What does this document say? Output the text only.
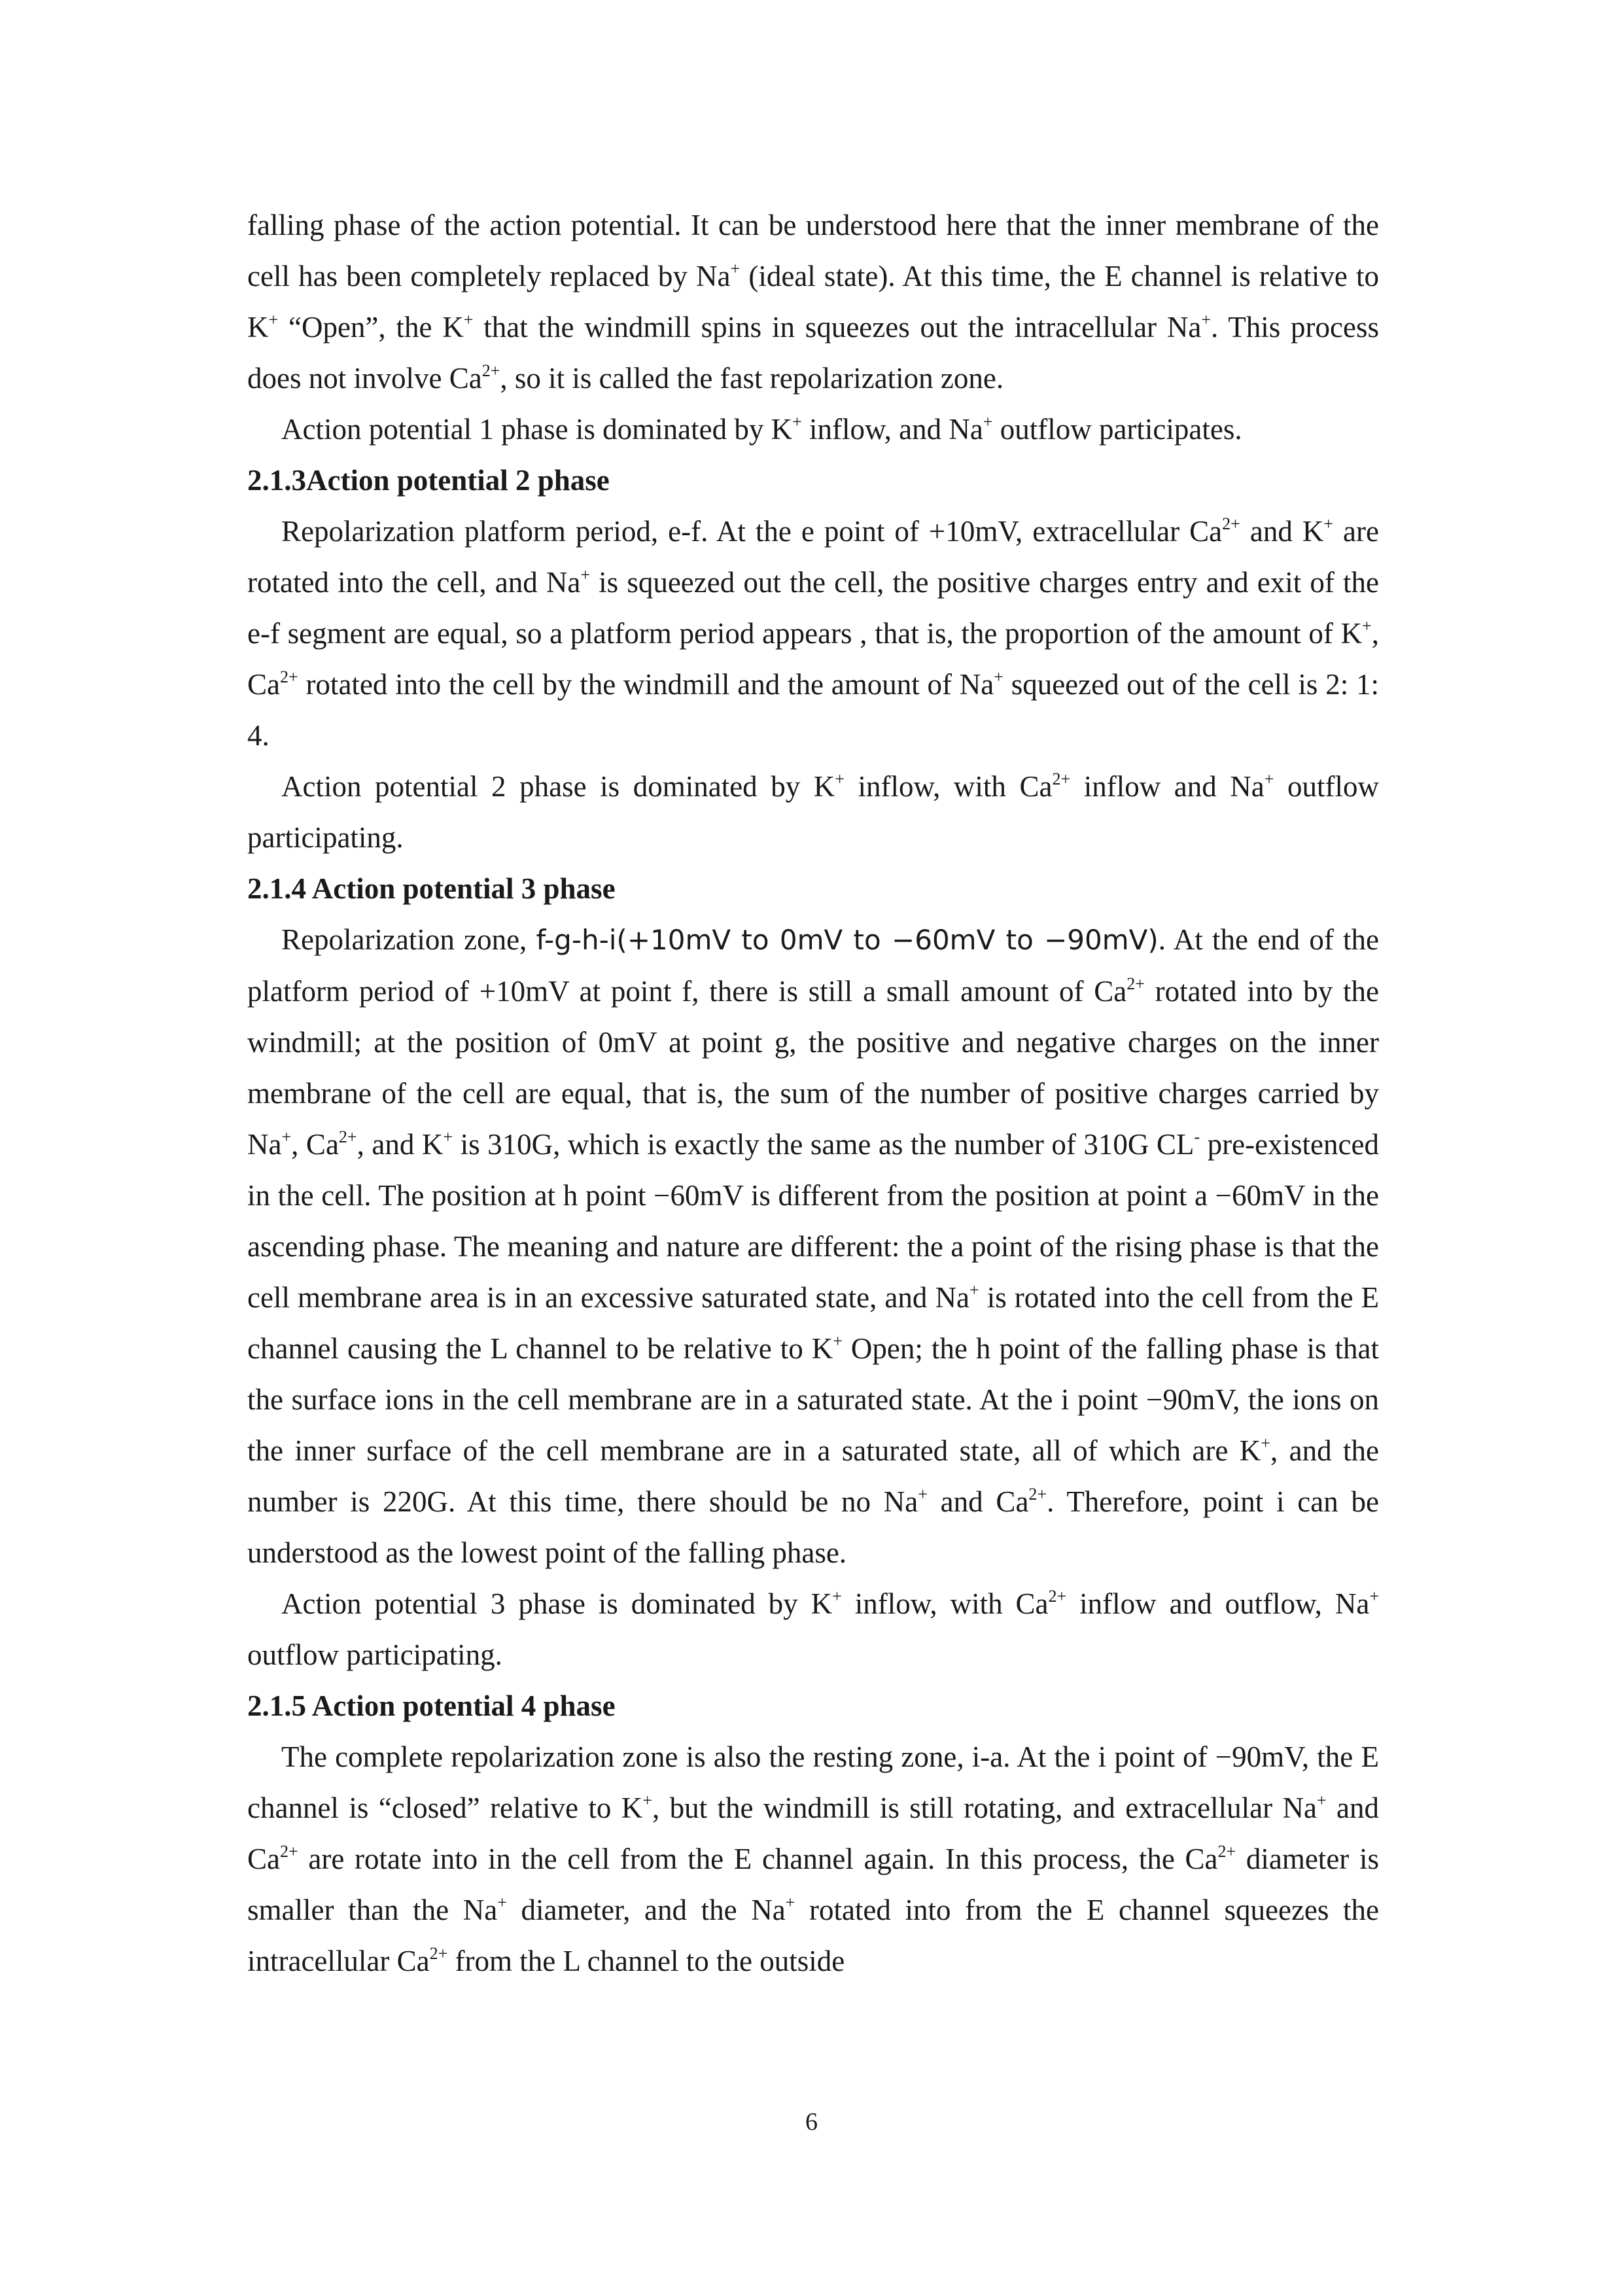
falling phase of the action potential. It can be understood here that the inner membrane of the cell has been completely replaced by Na+ (ideal state). At this time, the E channel is relative to K+ “Open”, the K+ that the windmill spins in squeezes out the intracellular Na+. This process does not involve $Ca^{2+}$, so it is called the fast repolarization zone.

Action potential 1 phase is dominated by K+ inflow, and Na+ outflow participates.

2.1.3Action potential 2 phase

Repolarization platform period, e-f. At the e point of +10mV, extracellular $Ca^{2+}$ and K+ are rotated into the cell, and Na+ is squeezed out the cell, the positive charges entry and exit of the e-f segment are equal, so a platform period appears , that is, the proportion of the amount of K+, $Ca^{2+}$ rotated into the cell by the windmill and the amount of Na+ squeezed out of the cell is 2: 1: 4.

Action potential 2 phase is dominated by K+ inflow, with $Ca^{2+}$ inflow and Na+ outflow participating.

2.1.4 Action potential 3 phase

Repolarization zone, f-g-h-i(+10mV to 0mV to −60mV to −90mV). At the end of the platform period of +10mV at point f, there is still a small amount of $Ca^{2+}$ rotated into by the windmill; at the position of 0mV at point g, the positive and negative charges on the inner membrane of the cell are equal, that is, the sum of the number of positive charges carried by Na+, $Ca^{2+}$, and K+ is 310G, which is exactly the same as the number of 310G CL- pre-existenced in the cell. The position at h point −60mV is different from the position at point a −60mV in the ascending phase. The meaning and nature are different: the a point of the rising phase is that the cell membrane area is in an excessive saturated state, and Na+ is rotated into the cell from the E channel causing the L channel to be relative to K+ Open; the h point of the falling phase is that the surface ions in the cell membrane are in a saturated state. At the i point −90mV, the ions on the inner surface of the cell membrane are in a saturated state, all of which are K+, and the number is 220G. At this time, there should be no Na+ and $Ca^{2+}$. Therefore, point i can be understood as the lowest point of the falling phase.

Action potential 3 phase is dominated by K+ inflow, with $Ca^{2+}$ inflow and outflow, Na+ outflow participating.

2.1.5 Action potential 4 phase

The complete repolarization zone is also the resting zone, i-a. At the i point of −90mV, the E channel is “closed” relative to K+, but the windmill is still rotating, and extracellular Na+ and $Ca^{2+}$ are rotate into in the cell from the E channel again. In this process, the $Ca^{2+}$ diameter is smaller than the Na+ diameter, and the Na+ rotated into from the E channel squeezes the intracellular $Ca^{2+}$ from the L channel to the outside

6
